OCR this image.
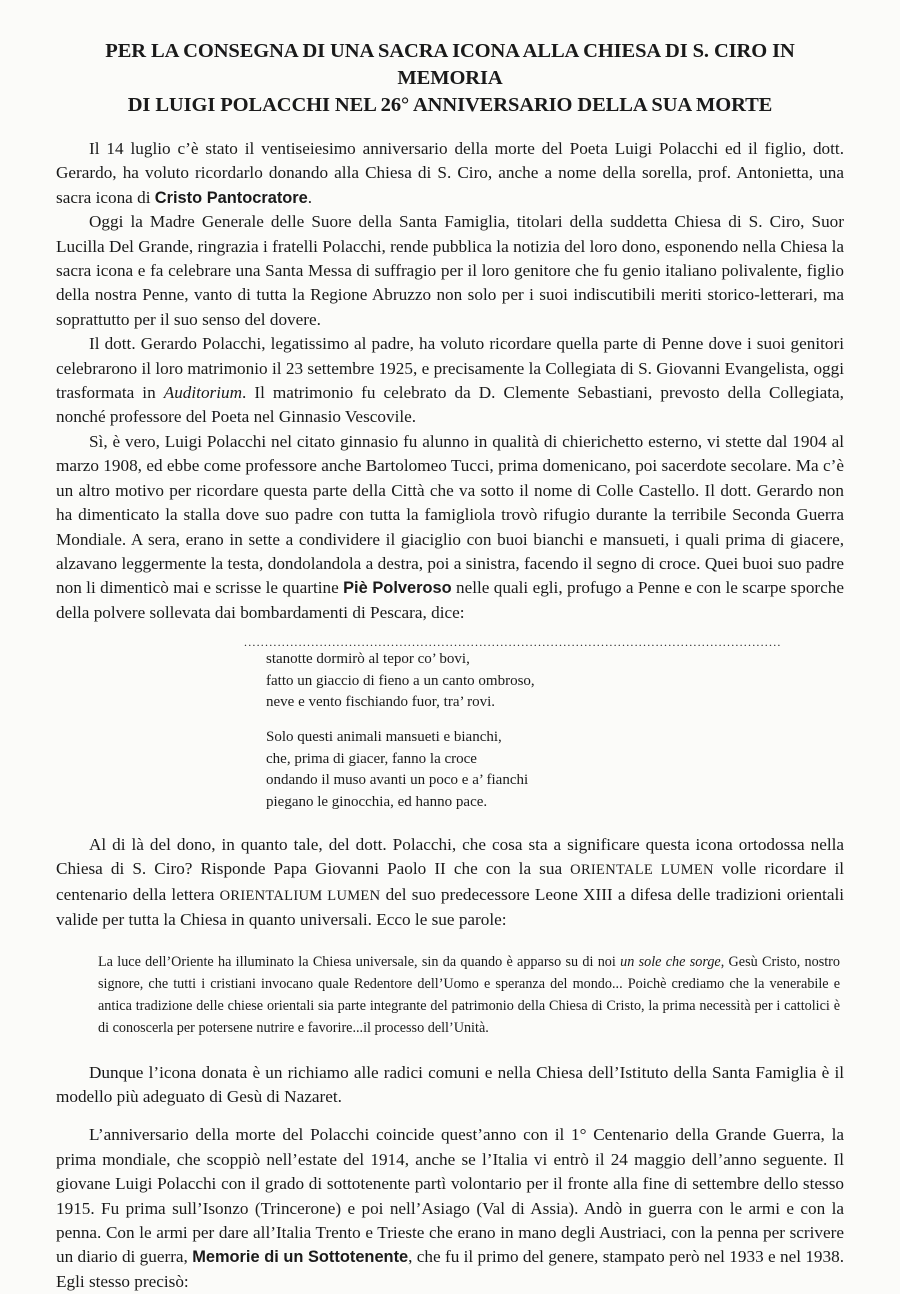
PER LA CONSEGNA DI UNA SACRA ICONA ALLA CHIESA DI S. CIRO IN MEMORIA
DI LUIGI POLACCHI NEL 26° ANNIVERSARIO DELLA SUA MORTE

Il 14 luglio c’è stato il ventiseiesimo anniversario della morte del Poeta Luigi Polacchi ed il figlio, dott. Gerardo, ha voluto ricordarlo donando alla Chiesa di S. Ciro, anche a nome della sorella, prof. Antonietta, una sacra icona di Cristo Pantocratore.

Oggi la Madre Generale delle Suore della Santa Famiglia, titolari della suddetta Chiesa di S. Ciro, Suor Lucilla Del Grande, ringrazia i fratelli Polacchi, rende pubblica la notizia del loro dono, esponendo nella Chiesa la sacra icona e fa celebrare una Santa Messa di suffragio per il loro genitore che fu genio italiano polivalente, figlio della nostra Penne, vanto di tutta la Regione Abruzzo non solo per i suoi indiscutibili meriti storico-letterari, ma soprattutto per il suo senso del dovere.

Il dott. Gerardo Polacchi, legatissimo al padre, ha voluto ricordare quella parte di Penne dove i suoi genitori celebrarono il loro matrimonio il 23 settembre 1925, e precisamente la Collegiata di S. Giovanni Evangelista, oggi trasformata in Auditorium. Il matrimonio fu celebrato da D. Clemente Sebastiani, prevosto della Collegiata, nonché professore del Poeta nel Ginnasio Vescovile.

Sì, è vero, Luigi Polacchi nel citato ginnasio fu alunno in qualità di chierichetto esterno, vi stette dal 1904 al marzo 1908, ed ebbe come professore anche Bartolomeo Tucci, prima domenicano, poi sacerdote secolare. Ma c’è un altro motivo per ricordare questa parte della Città che va sotto il nome di Colle Castello. Il dott. Gerardo non ha dimenticato la stalla dove suo padre con tutta la famigliola trovò rifugio durante la terribile Seconda Guerra Mondiale. A sera, erano in sette a condividere il giaciglio con buoi bianchi e mansueti, i quali prima di giacere, alzavano leggermente la testa, dondolandola a destra, poi a sinistra, facendo il segno di croce. Quei buoi suo padre non li dimenticò mai e scrisse le quartine Piè Polveroso nelle quali egli, profugo a Penne e con le scarpe sporche della polvere sollevata dai bombardamenti di Pescara, dice:

................................................................................................................................
stanotte dormirò al tepor co’ bovi,
fatto un giaccio di fieno a un canto ombroso,
neve e vento fischiando fuor, tra’ rovi.
Solo questi animali mansueti e bianchi,
che, prima di giacer, fanno la croce
ondando il muso avanti un poco e a’ fianchi
piegano le ginocchia, ed hanno pace.

Al di là del dono, in quanto tale, del dott. Polacchi, che cosa sta a significare questa icona ortodossa nella Chiesa di S. Ciro? Risponde Papa Giovanni Paolo II che con la sua ORIENTALE LUMEN volle ricordare il centenario della lettera ORIENTALIUM LUMEN del suo predecessore Leone XIII a difesa delle tradizioni orientali valide per tutta la Chiesa in quanto universali. Ecco le sue parole:

La luce dell’Oriente ha illuminato la Chiesa universale, sin da quando è apparso su di noi un sole che sorge, Gesù Cristo, nostro signore, che tutti i cristiani invocano quale Redentore dell’Uomo e speranza del mondo... Poichè crediamo che la venerabile e antica tradizione delle chiese orientali sia parte integrante del patrimonio della Chiesa di Cristo, la prima necessità per i cattolici è di conoscerla per potersene nutrire e favorire...il processo dell’Unità.

Dunque l’icona donata è un richiamo alle radici comuni e nella Chiesa dell’Istituto della Santa Famiglia è il modello più adeguato di Gesù di Nazaret.

L’anniversario della morte del Polacchi coincide quest’anno con il 1° Centenario della Grande Guerra, la prima mondiale, che scoppiò nell’estate del 1914, anche se l’Italia vi entrò il 24 maggio dell’anno seguente. Il giovane Luigi Polacchi con il grado di sottotenente partì volontario per il fronte alla fine di settembre dello stesso 1915. Fu prima sull’Isonzo (Trincerone) e poi nell’Asiago (Val di Assia). Andò in guerra con le armi e con la penna. Con le armi per dare all’Italia Trento e Trieste che erano in mano degli Austriaci, con la penna per scrivere un diario di guerra, Memorie di un Sottotenente, che fu il primo del genere, stampato però nel 1933 e nel 1938. Egli stesso precisò:
